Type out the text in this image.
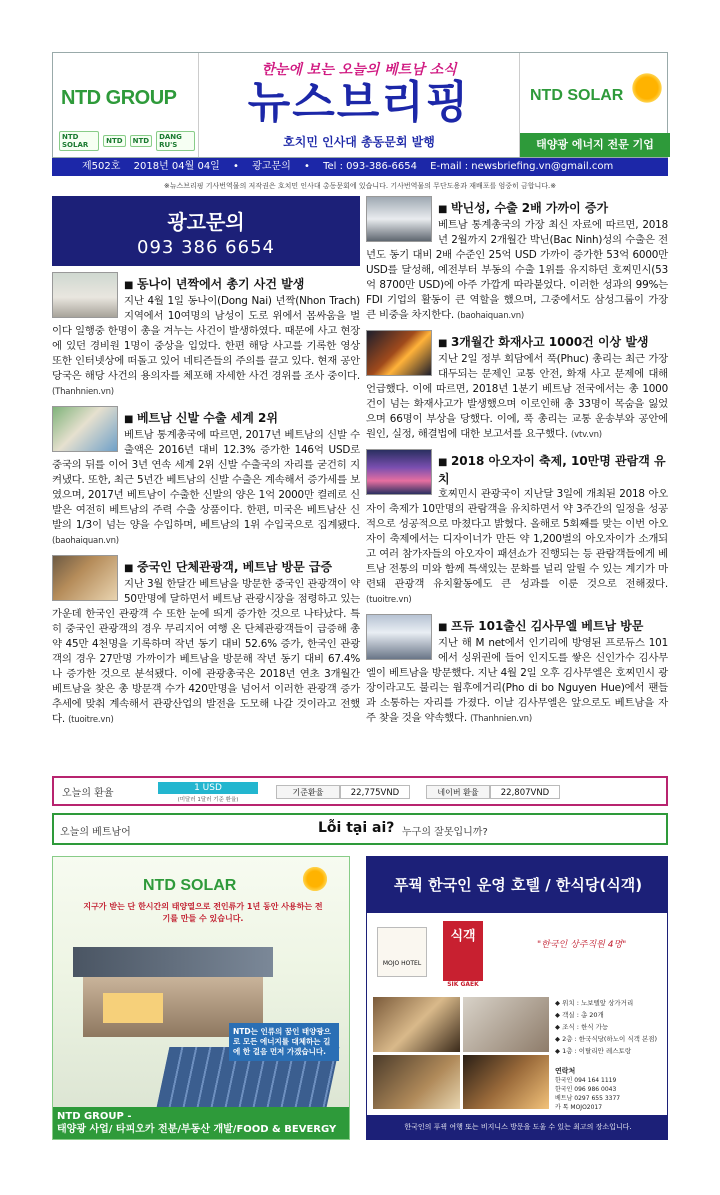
NTD GROUP
NTD SOLAR	NTD	NTD	DANG RU'S
한눈에 보는 오늘의 베트남 소식
뉴스브리핑
호치민 인사대 총동문회 발행
NTD SOLAR
태양광 에너지 전문 기업
제502호 2018년 04월 04일 • 광고문의 • Tel : 093-386-6654 E-mail : newsbriefing.vn@gmail.com
※뉴스브리핑 기사번역물의 저작권은 호치민 인사대 총동문회에 있습니다. 기사번역물의 무단도용과 재배포를 엄중히 금합니다.※
광고문의
093 386 6654
■ 동나이 년짝에서 총기 사건 발생

지난 4월 1일 동나이(Dong Nai) 년짝(Nhon Trach)지역에서 10여명의 남성이 도로 위에서 몸싸움을 벌이다 일행중 한명이 총을 겨누는 사건이 발생하였다. 때문에 사고 현장에 있던 경비원 1명이 중상을 입었다. 한편 해당 사고를 기록한 영상 또한 인터넷상에 떠돌고 있어 네티즌들의 주의를 끌고 있다. 현재 공안 당국은 해당 사건의 용의자를 체포해 자세한 사건 경위를 조사 중이다. (Thanhnien.vn)

■ 베트남 신발 수출 세계 2위

베트남 통계총국에 따르면, 2017년 베트남의 신발 수출액은 2016년 대비 12.3% 증가한 146억 USD로 중국의 뒤를 이어 3년 연속 세계 2위 신발 수출국의 자리를 굳건히 지켜냈다. 또한, 최근 5년간 베트남의 신발 수출은 계속해서 증가세를 보였으며, 2017년 베트남이 수출한 신발의 양은 1억 2000만 켤레로 신발은 여전히 베트남의 주력 수출 상품이다. 한편, 미국은 베트남산 신발의 1/3이 넘는 양을 수입하며, 베트남의 1위 수입국으로 집계됐다. (baohaiquan.vn)

■ 중국인 단체관광객, 베트남 방문 급증

지난 3월 한달간 베트남을 방문한 중국인 관광객이 약 50만명에 달하면서 베트남 관광시장을 점령하고 있는 가운데 한국인 관광객 수 또한 눈에 띄게 증가한 것으로 나타났다. 특히 중국인 관광객의 경우 무리지어 여행 온 단체관광객들이 급증해 총 약 45만 4천명을 기록하며 작년 동기 대비 52.6% 증가, 한국인 관광객의 경우 27만명 가까이가 베트남을 방문해 작년 동기 대비 67.4%나 증가한 것으로 분석됐다. 이에 관광총국은 2018년 연초 3개월간 베트남을 찾은 총 방문객 수가 420만명을 넘어서 이러한 관광객 증가 추세에 맞춰 계속해서 관광산업의 발전을 도모해 나갈 것이라고 전했다. (tuoitre.vn)

■ 박닌성, 수출 2배 가까이 증가

베트남 통계총국의 가장 최신 자료에 따르면, 2018년 2월까지 2개월간 박닌(Bac Ninh)성의 수출은 전년도 동기 대비 2배 수준인 25억 USD 가까이 증가한 53억 6000만 USD를 달성해, 예전부터 부동의 수출 1위를 유지하던 호찌민시(53억 8700만 USD)에 아주 가깝게 따라붙었다. 이러한 성과의 99%는 FDI 기업의 활동이 큰 역할을 했으며, 그중에서도 삼성그룹이 가장 큰 비중을 차지한다. (baohaiquan.vn)

■ 3개월간 화재사고 1000건 이상 발생

지난 2일 정부 회담에서 푹(Phuc) 총리는 최근 가장 대두되는 문제인 교통 안전, 화재 사고 문제에 대해 언급했다. 이에 따르면, 2018년 1분기 베트남 전국에서는 총 1000건이 넘는 화재사고가 발생했으며 이로인해 총 33명이 목숨을 잃었으며 66명이 부상을 당했다. 이에, 푹 총리는 교통 운송부와 공안에 원인, 실정, 해결법에 대한 보고서를 요구했다. (vtv.vn)

■ 2018 아오자이 축제, 10만명 관람객 유치

호찌민시 관광국이 지난달 3일에 개최된 2018 아오자이 축제가 10만명의 관람객을 유치하면서 약 3주간의 일정을 성공적으로 성공적으로 마쳤다고 밝혔다. 올해로 5회째를 맞는 이번 아오자이 축제에서는 디자이너가 만든 약 1,200벌의 아오자이가 소개되고 여러 참가자들의 아오자이 패션쇼가 진행되는 등 관람객들에게 베트남 전통의 미와 함께 특색있는 문화를 널리 알릴 수 있는 계기가 마련돼 관광객 유치활동에도 큰 성과를 이룬 것으로 전해졌다. (tuoitre.vn)

■ 프듀 101출신 김사무엘 베트남 방문

지난 해 M net에서 인기리에 방영된 프로듀스 101에서 싱위권에 들어 인지도를 쌓은 신인가수 김사무엘이 베트남을 방문했다. 지난 4월 2일 오후 김사무엘은 호찌민시 광장이라고도 불리는 웜후에거리(Pho di bo Nguyen Hue)에서 팬들과 소통하는 자리를 가졌다. 이날 김사무엘은 앞으로도 베트남을 자주 찾을 것을 약속했다. (Thanhnien.vn)

오늘의 환율	1 USD
(미달러 1달러 기준 환율)
기준환율	22,775VND	네이버 환율	22,807VND
오늘의 베트남어	Lỗi tại ai? 누구의 잘못입니까?
NTD SOLAR
지구가 받는 단 한시간의 태양열으로 전인류가 1년 동안 사용하는 전기를 만들 수 있습니다.
NTD는 인류의 꿈인 태양광으로 모든 에너지를 대체하는 길에 한 걸음 먼저 가겠습니다.
NTD GROUP -
태양광 사업/ 타피오카 전분/부동산 개발/FOOD & BEVERGY
푸꿕 한국인 운영 호텔 / 한식당(식객)
MOJO HOTEL
식객
SIK GAEK
"한국인 상주직원 4명"
◆ 위치 : 노보텔앞 상가거리
◆ 객실 : 총 20개
◆ 조식 : 한식 가능
◆ 2층 : 한국식당(하노이 식객 본점)
◆ 1층 : 이탈리안 레스토랑
연락처
한국인 094 164 1119
한국인 096 986 0043
베트남 0297 655 3377
카 톡 MOJO2017
한국인의 푸꿕 여행 또는 비지니스 방문을 도울 수 있는 최고의 장소입니다.
